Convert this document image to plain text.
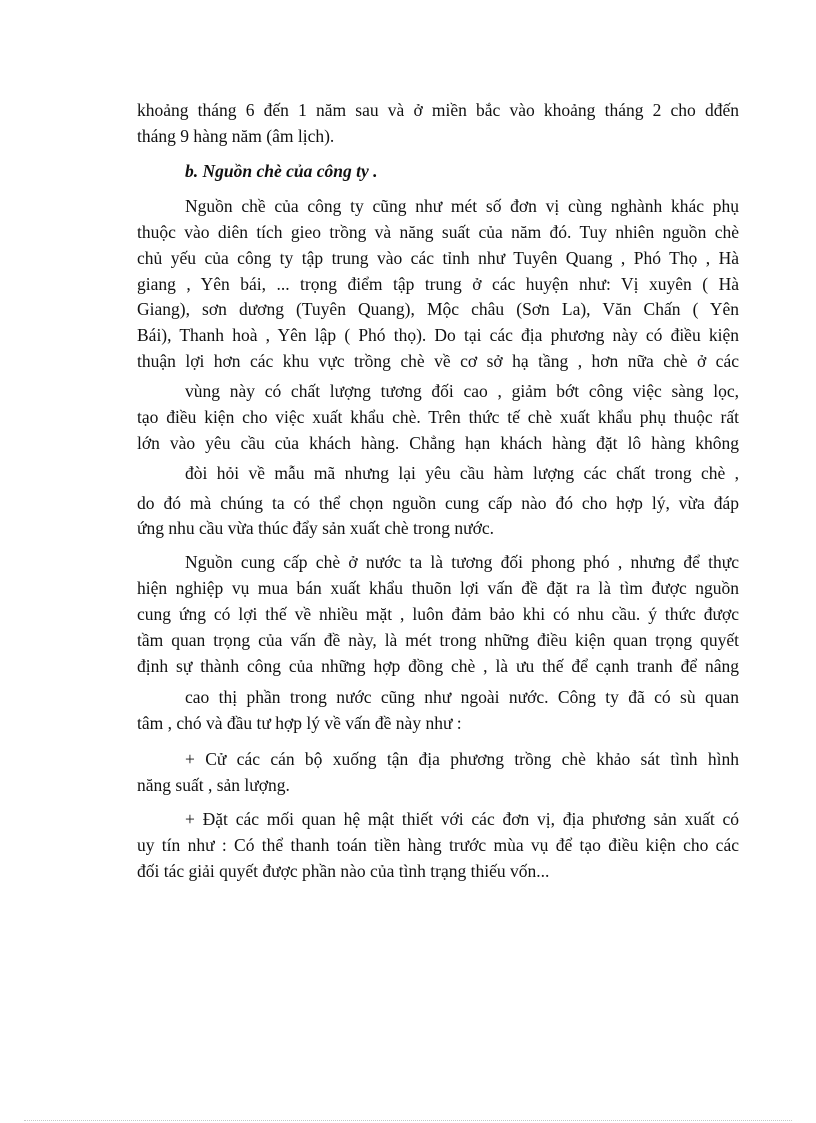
khoảng tháng 6 đến 1 năm sau và ở miền bắc vào khoảng tháng 2 cho dđến
tháng 9 hàng năm (âm lịch).
b. Nguồn chè của công ty .
Nguồn chề của công ty cũng như mét số đơn vị cùng nghành khác phụ
thuộc vào diên tích gieo trồng và năng suất của năm đó. Tuy nhiên nguồn chè
chủ yếu của công ty tập trung vào các tỉnh như Tuyên Quang , Phó Thọ , Hà
giang , Yên bái, ... trọng điểm tập trung ở các huyện như: Vị xuyên ( Hà
Giang), sơn dương (Tuyên Quang), Mộc châu (Sơn La), Văn Chấn ( Yên
Bái), Thanh hoà , Yên lập ( Phó thọ). Do tại các địa phương này có điều kiện
thuận lợi hơn các khu vực trồng chè về cơ sở hạ tầng , hơn nữa chè ở các
vùng này có chất lượng tương đối cao , giảm bớt công việc sàng lọc,
tạo điều kiện cho việc xuất khẩu chè. Trên thức tế chè xuất khẩu phụ thuộc rất
lớn vào yêu cầu của khách hàng. Chẳng hạn khách hàng đặt lô hàng không
đòi hỏi về mẫu mã nhưng lại yêu cầu hàm lượng các chất trong chè ,
do đó mà chúng ta có thể chọn nguồn cung cấp nào đó cho hợp lý, vừa đáp
ứng nhu cầu vừa thúc đẩy sản xuất chè trong nước.
Nguồn cung cấp chè ở nước ta là tương đối phong phó , nhưng để thực
hiện nghiệp vụ mua bán xuất khẩu thuõn lợi vấn đề đặt ra là tìm được nguồn
cung ứng có lợi thế về nhiều mặt , luôn đảm bảo khi có nhu cầu. ý thức được
tầm quan trọng của vấn đề này, là mét trong những điều kiện quan trọng quyết
định sự thành công của những hợp đồng chè , là ưu thế để cạnh tranh để nâng
cao thị phần trong nước cũng như ngoài nước. Công ty đã có sù quan
tâm , chó và đầu tư hợp lý về vấn đề này như :
+ Cử các cán bộ xuống tận địa phương trồng chè khảo sát tình hình
năng suất , sản lượng.
+ Đặt các mối quan hệ mật thiết với các đơn vị, địa phương sản xuất có
uy tín như : Có thể thanh toán tiền hàng trước mùa vụ để tạo điều kiện cho các
đối tác giải quyết được phần nào của tình trạng thiếu vốn...
